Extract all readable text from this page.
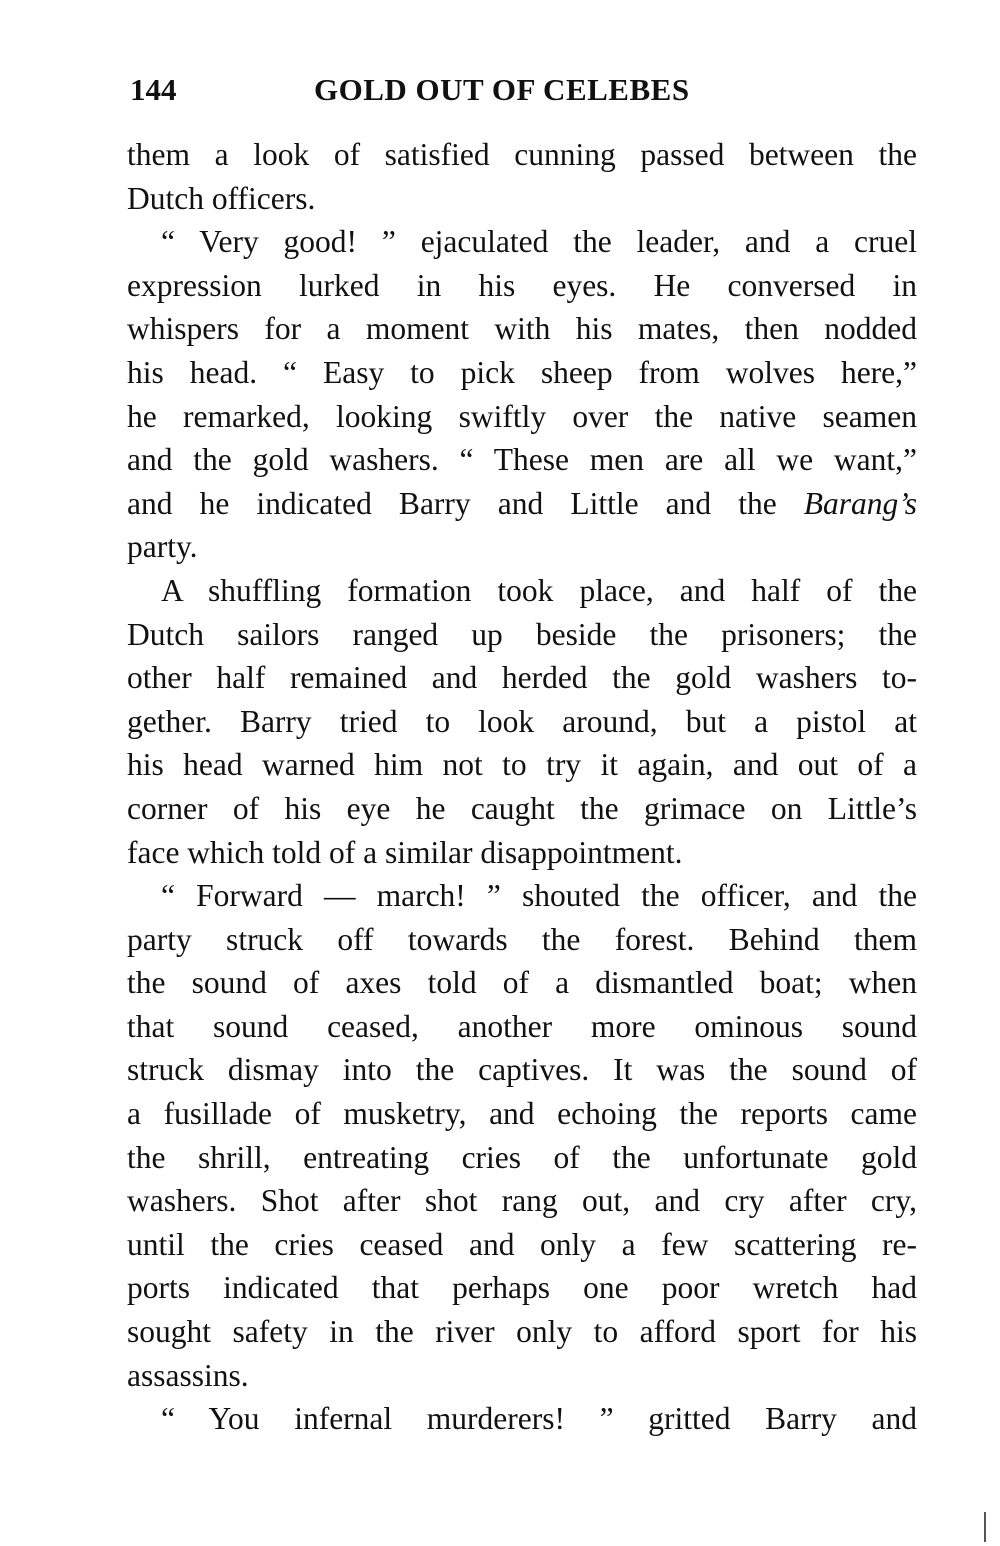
144	GOLD OUT OF CELEBES
them a look of satisfied cunning passed between the
Dutch officers.
“ Very good! ” ejaculated the leader, and a cruel
expression lurked in his eyes. He conversed in
whispers for a moment with his mates, then nodded
his head. “ Easy to pick sheep from wolves here,”
he remarked, looking swiftly over the native seamen
and the gold washers. “ These men are all we want,”
and he indicated Barry and Little and the Barang’s
party.
A shuffling formation took place, and half of the
Dutch sailors ranged up beside the prisoners; the
other half remained and herded the gold washers to-
gether. Barry tried to look around, but a pistol at
his head warned him not to try it again, and out of a
corner of his eye he caught the grimace on Little’s
face which told of a similar disappointment.
“ Forward — march! ” shouted the officer, and the
party struck off towards the forest. Behind them
the sound of axes told of a dismantled boat; when
that sound ceased, another more ominous sound
struck dismay into the captives. It was the sound of
a fusillade of musketry, and echoing the reports came
the shrill, entreating cries of the unfortunate gold
washers. Shot after shot rang out, and cry after cry,
until the cries ceased and only a few scattering re-
ports indicated that perhaps one poor wretch had
sought safety in the river only to afford sport for his
assassins.
“ You infernal murderers! ” gritted Barry and
